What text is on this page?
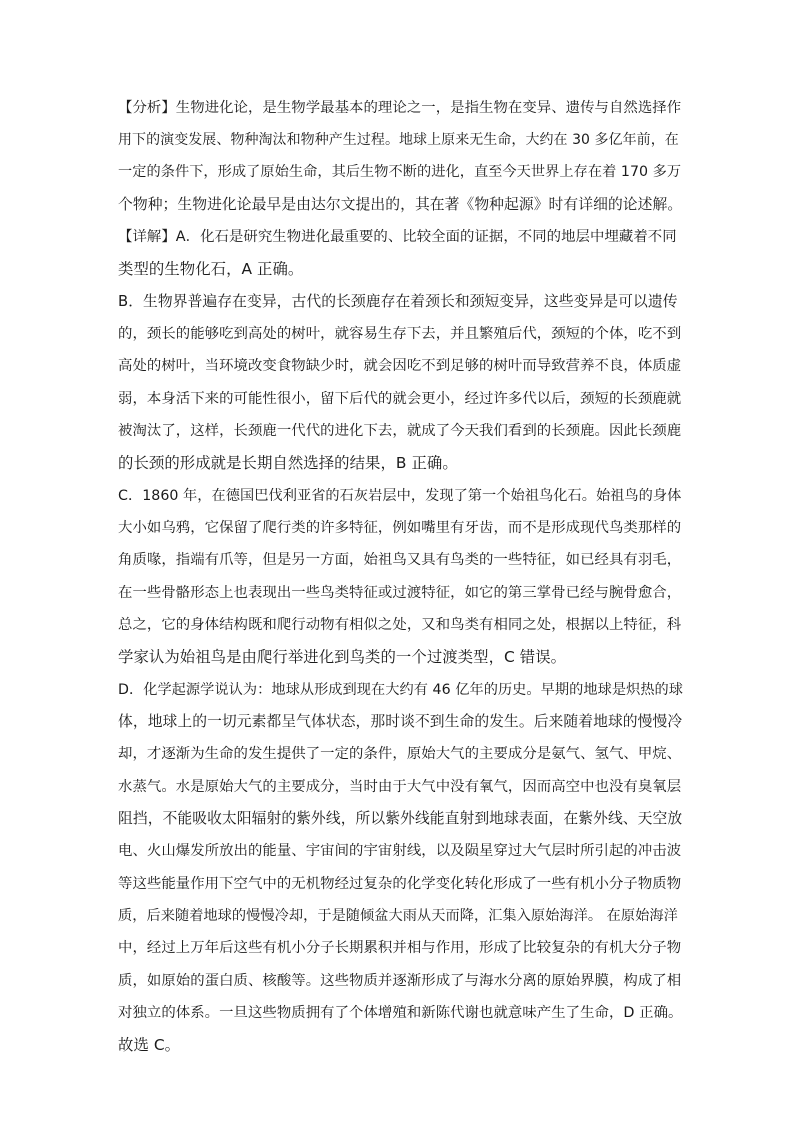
【分析】生物进化论，是生物学最基本的理论之一，是指生物在变异、遗传与自然选择作
用下的演变发展、物种淘汰和物种产生过程。地球上原来无生命，大约在 30 多亿年前，在
一定的条件下，形成了原始生命，其后生物不断的进化，直至今天世界上存在着 170 多万
个物种；生物进化论最早是由达尔文提出的，其在著《物种起源》时有详细的论述解。
【详解】A．化石是研究生物进化最重要的、比较全面的证据，不同的地层中埋藏着不同
类型的生物化石，A 正确。
B．生物界普遍存在变异，古代的长颈鹿存在着颈长和颈短变异，这些变异是可以遗传
的，颈长的能够吃到高处的树叶，就容易生存下去，并且繁殖后代，颈短的个体，吃不到
高处的树叶，当环境改变食物缺少时，就会因吃不到足够的树叶而导致营养不良，体质虚
弱，本身活下来的可能性很小，留下后代的就会更小，经过许多代以后，颈短的长颈鹿就
被淘汰了，这样，长颈鹿一代代的进化下去，就成了今天我们看到的长颈鹿。因此长颈鹿
的长颈的形成就是长期自然选择的结果，B 正确。
C．1860 年，在德国巴伐利亚省的石灰岩层中，发现了第一个始祖鸟化石。始祖鸟的身体
大小如乌鸦，它保留了爬行类的许多特征，例如嘴里有牙齿，而不是形成现代鸟类那样的
角质喙，指端有爪等，但是另一方面，始祖鸟又具有鸟类的一些特征，如已经具有羽毛，
在一些骨骼形态上也表现出一些鸟类特征或过渡特征，如它的第三掌骨已经与腕骨愈合，
总之，它的身体结构既和爬行动物有相似之处，又和鸟类有相同之处，根据以上特征，科
学家认为始祖鸟是由爬行举进化到鸟类的一个过渡类型，C 错误。
D．化学起源学说认为：地球从形成到现在大约有 46 亿年的历史。早期的地球是炽热的球
体，地球上的一切元素都呈气体状态，那时谈不到生命的发生。后来随着地球的慢慢冷
却，才逐渐为生命的发生提供了一定的条件，原始大气的主要成分是氨气、氢气、甲烷、
水蒸气。水是原始大气的主要成分，当时由于大气中没有氧气，因而高空中也没有臭氧层
阻挡，不能吸收太阳辐射的紫外线，所以紫外线能直射到地球表面，在紫外线、天空放
电、火山爆发所放出的能量、宇宙间的宇宙射线，以及陨星穿过大气层时所引起的冲击波
等这些能量作用下空气中的无机物经过复杂的化学变化转化形成了一些有机小分子物质物
质，后来随着地球的慢慢冷却，于是随倾盆大雨从天而降，汇集入原始海洋。 在原始海洋
中，经过上万年后这些有机小分子长期累积并相与作用，形成了比较复杂的有机大分子物
质，如原始的蛋白质、核酸等。这些物质并逐渐形成了与海水分离的原始界膜，构成了相
对独立的体系。一旦这些物质拥有了个体增殖和新陈代谢也就意味产生了生命，D 正确。
故选 C。
